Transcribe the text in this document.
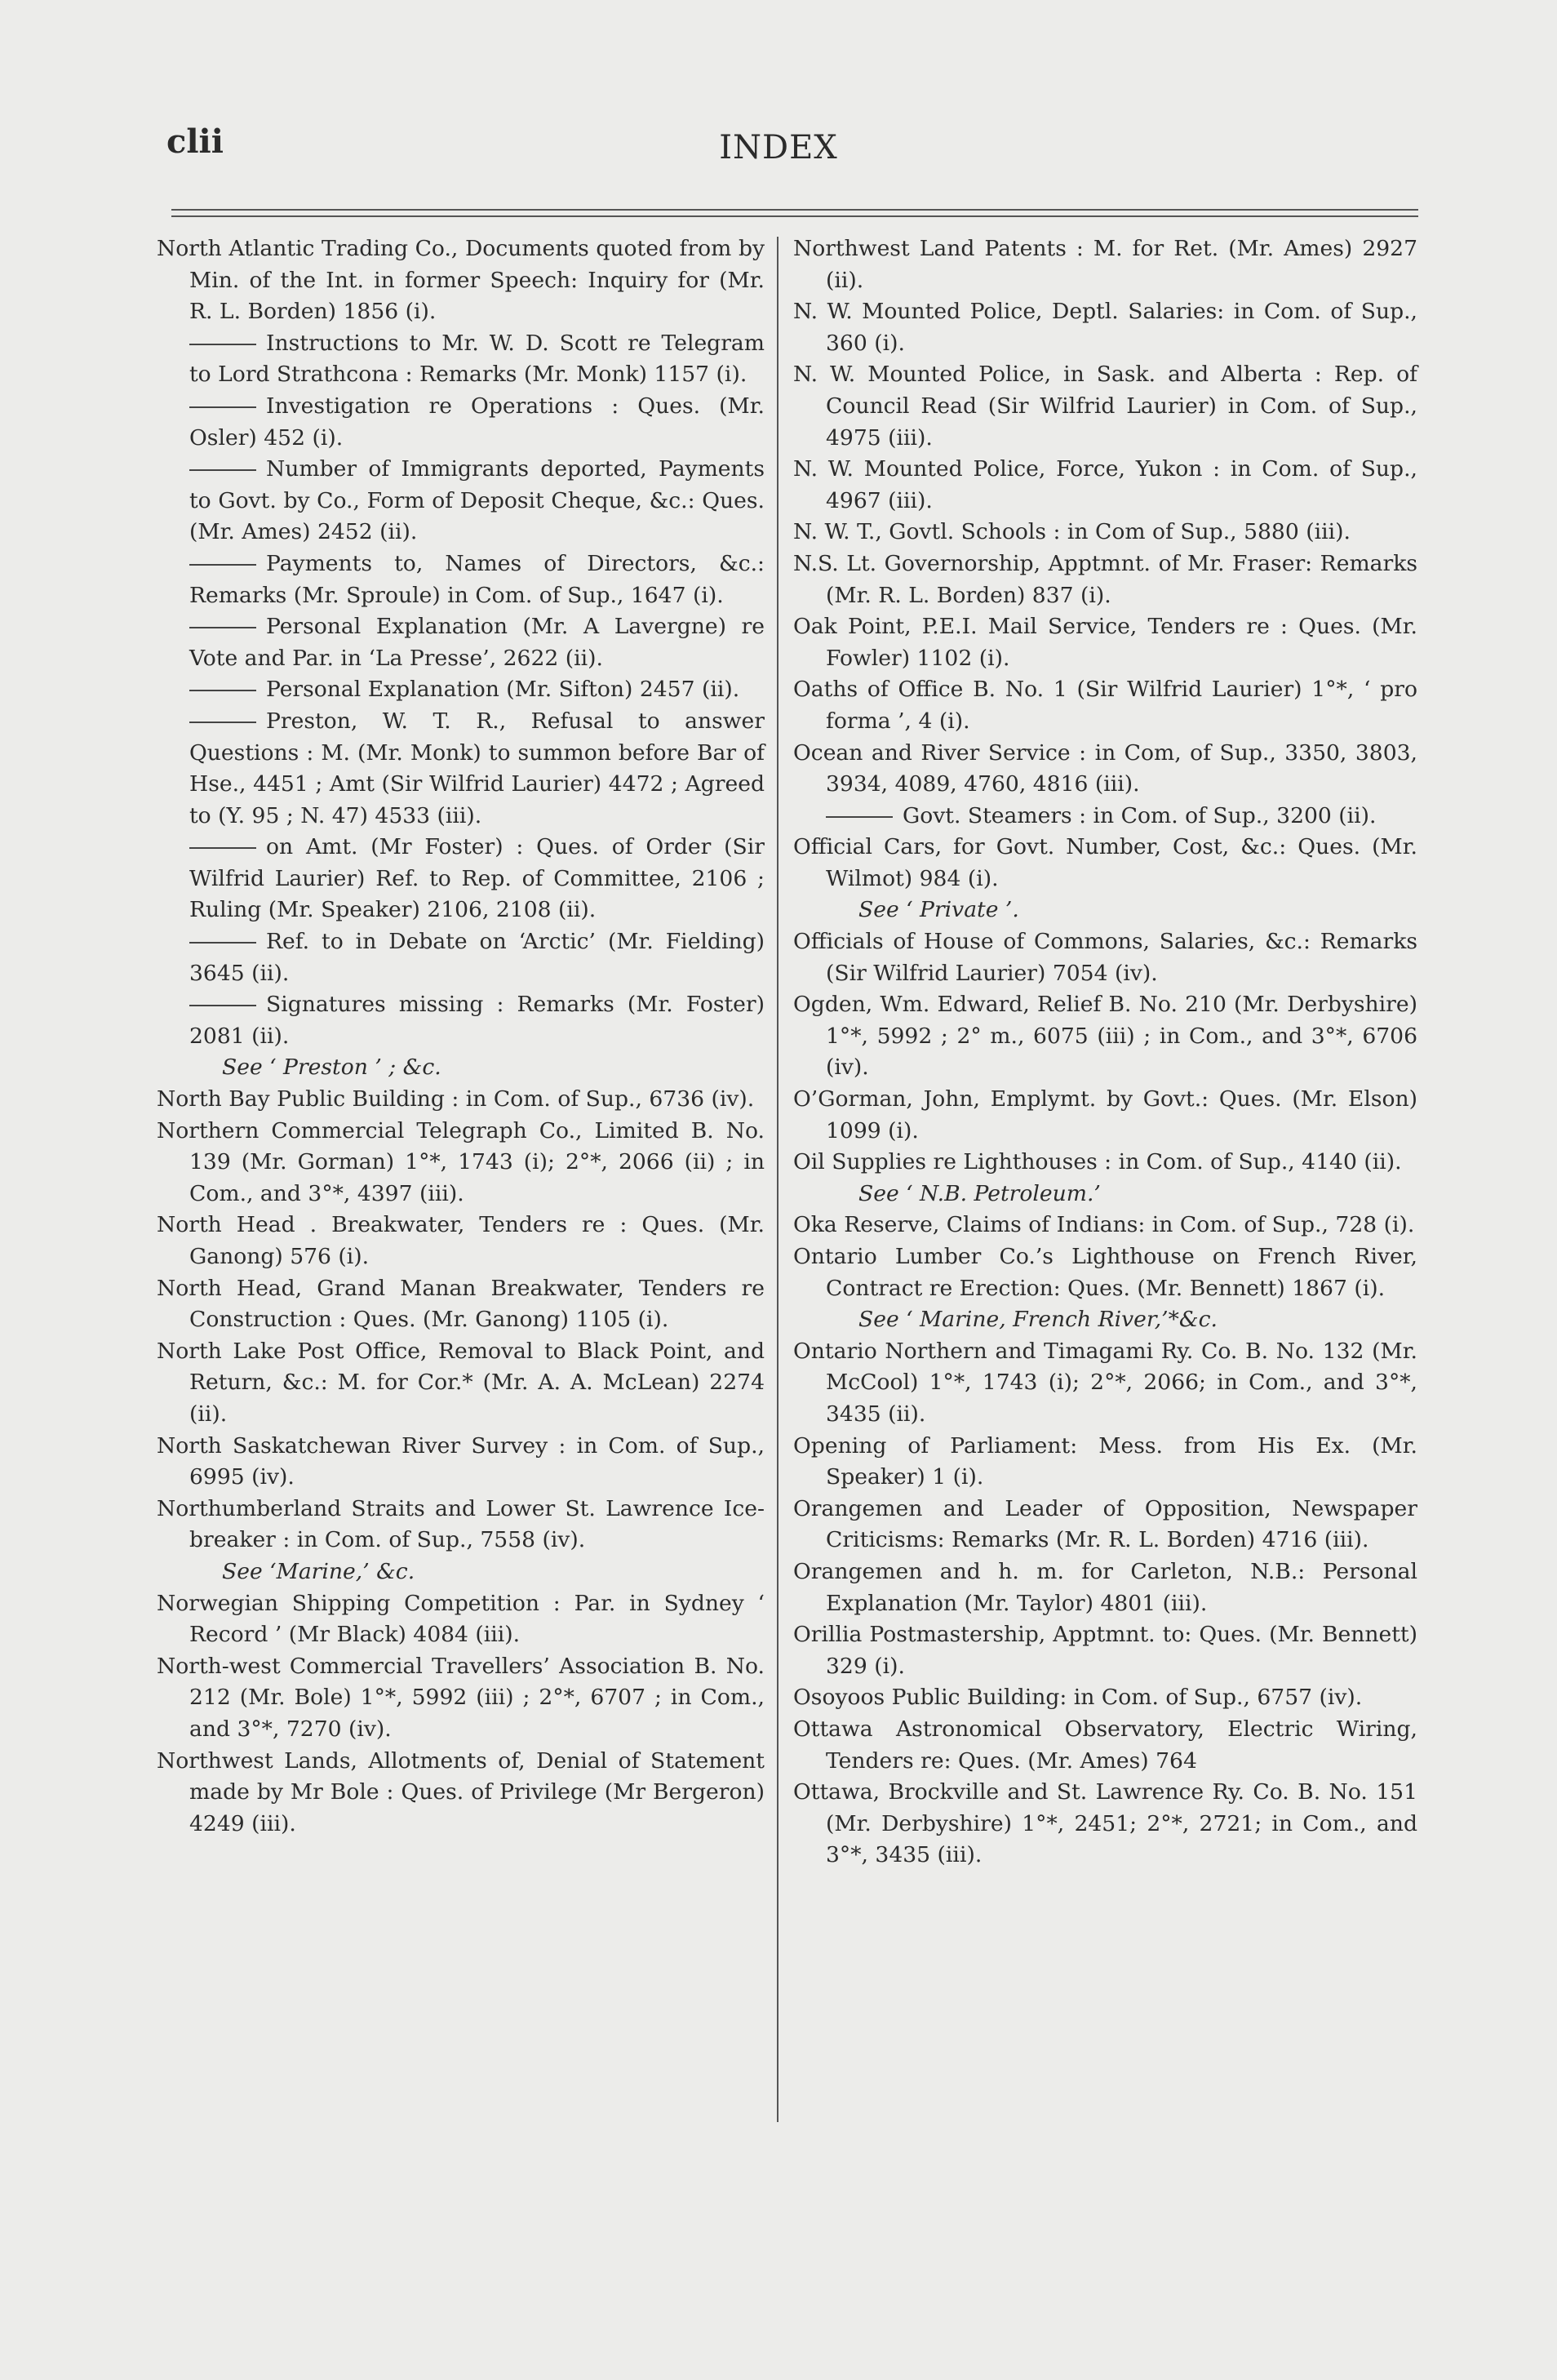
clii	INDEX

North Atlantic Trading Co., Documents quoted from by Min. of the Int. in former Speech: Inquiry for (Mr. R. L. Borden) 1856 (i).

Instructions to Mr. W. D. Scott re Telegram to Lord Strathcona : Remarks (Mr. Monk) 1157 (i).

Investigation re Operations : Ques. (Mr. Osler) 452 (i).

Number of Immigrants deported, Payments to Govt. by Co., Form of Deposit Cheque, &c.: Ques. (Mr. Ames) 2452 (ii).

Payments to, Names of Directors, &c.: Remarks (Mr. Sproule) in Com. of Sup., 1647 (i).

Personal Explanation (Mr. A Lavergne) re Vote and Par. in ‘La Presse’, 2622 (ii).

Personal Explanation (Mr. Sifton) 2457 (ii).

Preston, W. T. R., Refusal to answer Questions : M. (Mr. Monk) to summon before Bar of Hse., 4451 ; Amt (Sir Wilfrid Laurier) 4472 ; Agreed to (Y. 95 ; N. 47) 4533 (iii).

on Amt. (Mr Foster) : Ques. of Order (Sir Wilfrid Laurier) Ref. to Rep. of Committee, 2106 ; Ruling (Mr. Speaker) 2106, 2108 (ii).

Ref. to in Debate on ‘Arctic’ (Mr. Fielding) 3645 (ii).

Signatures missing : Remarks (Mr. Foster) 2081 (ii).

See ‘ Preston ’ ; &c.

North Bay Public Building : in Com. of Sup., 6736 (iv).

Northern Commercial Telegraph Co., Limited B. No. 139 (Mr. Gorman) 1°*, 1743 (i); 2°*, 2066 (ii) ; in Com., and 3°*, 4397 (iii).

North Head . Breakwater, Tenders re : Ques. (Mr. Ganong) 576 (i).

North Head, Grand Manan Breakwater, Tenders re Construction : Ques. (Mr. Ganong) 1105 (i).

North Lake Post Office, Removal to Black Point, and Return, &c.: M. for Cor.* (Mr. A. A. McLean) 2274 (ii).

North Saskatchewan River Survey : in Com. of Sup., 6995 (iv).

Northumberland Straits and Lower St. Lawrence Ice-breaker : in Com. of Sup., 7558 (iv).

See ‘Marine,’ &c.

Norwegian Shipping Competition : Par. in Sydney ‘ Record ’ (Mr Black) 4084 (iii).

North-west Commercial Travellers’ Association B. No. 212 (Mr. Bole) 1°*, 5992 (iii) ; 2°*, 6707 ; in Com., and 3°*, 7270 (iv).

Northwest Lands, Allotments of, Denial of Statement made by Mr Bole : Ques. of Privilege (Mr Bergeron) 4249 (iii).

Northwest Land Patents : M. for Ret. (Mr. Ames) 2927 (ii).

N. W. Mounted Police, Deptl. Salaries: in Com. of Sup., 360 (i).

N. W. Mounted Police, in Sask. and Alberta : Rep. of Council Read (Sir Wilfrid Laurier) in Com. of Sup., 4975 (iii).

N. W. Mounted Police, Force, Yukon : in Com. of Sup., 4967 (iii).

N. W. T., Govtl. Schools : in Com of Sup., 5880 (iii).

N.S. Lt. Governorship, Apptmnt. of Mr. Fraser: Remarks (Mr. R. L. Borden) 837 (i).

Oak Point, P.E.I. Mail Service, Tenders re : Ques. (Mr. Fowler) 1102 (i).

Oaths of Office B. No. 1 (Sir Wilfrid Laurier) 1°*, ‘ pro forma ’, 4 (i).

Ocean and River Service : in Com, of Sup., 3350, 3803, 3934, 4089, 4760, 4816 (iii).

Govt. Steamers : in Com. of Sup., 3200 (ii).

Official Cars, for Govt. Number, Cost, &c.: Ques. (Mr. Wilmot) 984 (i).

See ‘ Private ’.

Officials of House of Commons, Salaries, &c.: Remarks (Sir Wilfrid Laurier) 7054 (iv).

Ogden, Wm. Edward, Relief B. No. 210 (Mr. Derbyshire) 1°*, 5992 ; 2° m., 6075 (iii) ; in Com., and 3°*, 6706 (iv).

O’Gorman, John, Emplymt. by Govt.: Ques. (Mr. Elson) 1099 (i).

Oil Supplies re Lighthouses : in Com. of Sup., 4140 (ii).

See ‘ N.B. Petroleum.’

Oka Reserve, Claims of Indians: in Com. of Sup., 728 (i).

Ontario Lumber Co.’s Lighthouse on French River, Contract re Erection: Ques. (Mr. Bennett) 1867 (i).

See ‘ Marine, French River,’*&c.

Ontario Northern and Timagami Ry. Co. B. No. 132 (Mr. McCool) 1°*, 1743 (i); 2°*, 2066; in Com., and 3°*, 3435 (ii).

Opening of Parliament: Mess. from His Ex. (Mr. Speaker) 1 (i).

Orangemen and Leader of Opposition, Newspaper Criticisms: Remarks (Mr. R. L. Borden) 4716 (iii).

Orangemen and h. m. for Carleton, N.B.: Personal Explanation (Mr. Taylor) 4801 (iii).

Orillia Postmastership, Apptmnt. to: Ques. (Mr. Bennett) 329 (i).

Osoyoos Public Building: in Com. of Sup., 6757 (iv).

Ottawa Astronomical Observatory, Electric Wiring, Tenders re: Ques. (Mr. Ames) 764

Ottawa, Brockville and St. Lawrence Ry. Co. B. No. 151 (Mr. Derbyshire) 1°*, 2451; 2°*, 2721; in Com., and 3°*, 3435 (iii).
